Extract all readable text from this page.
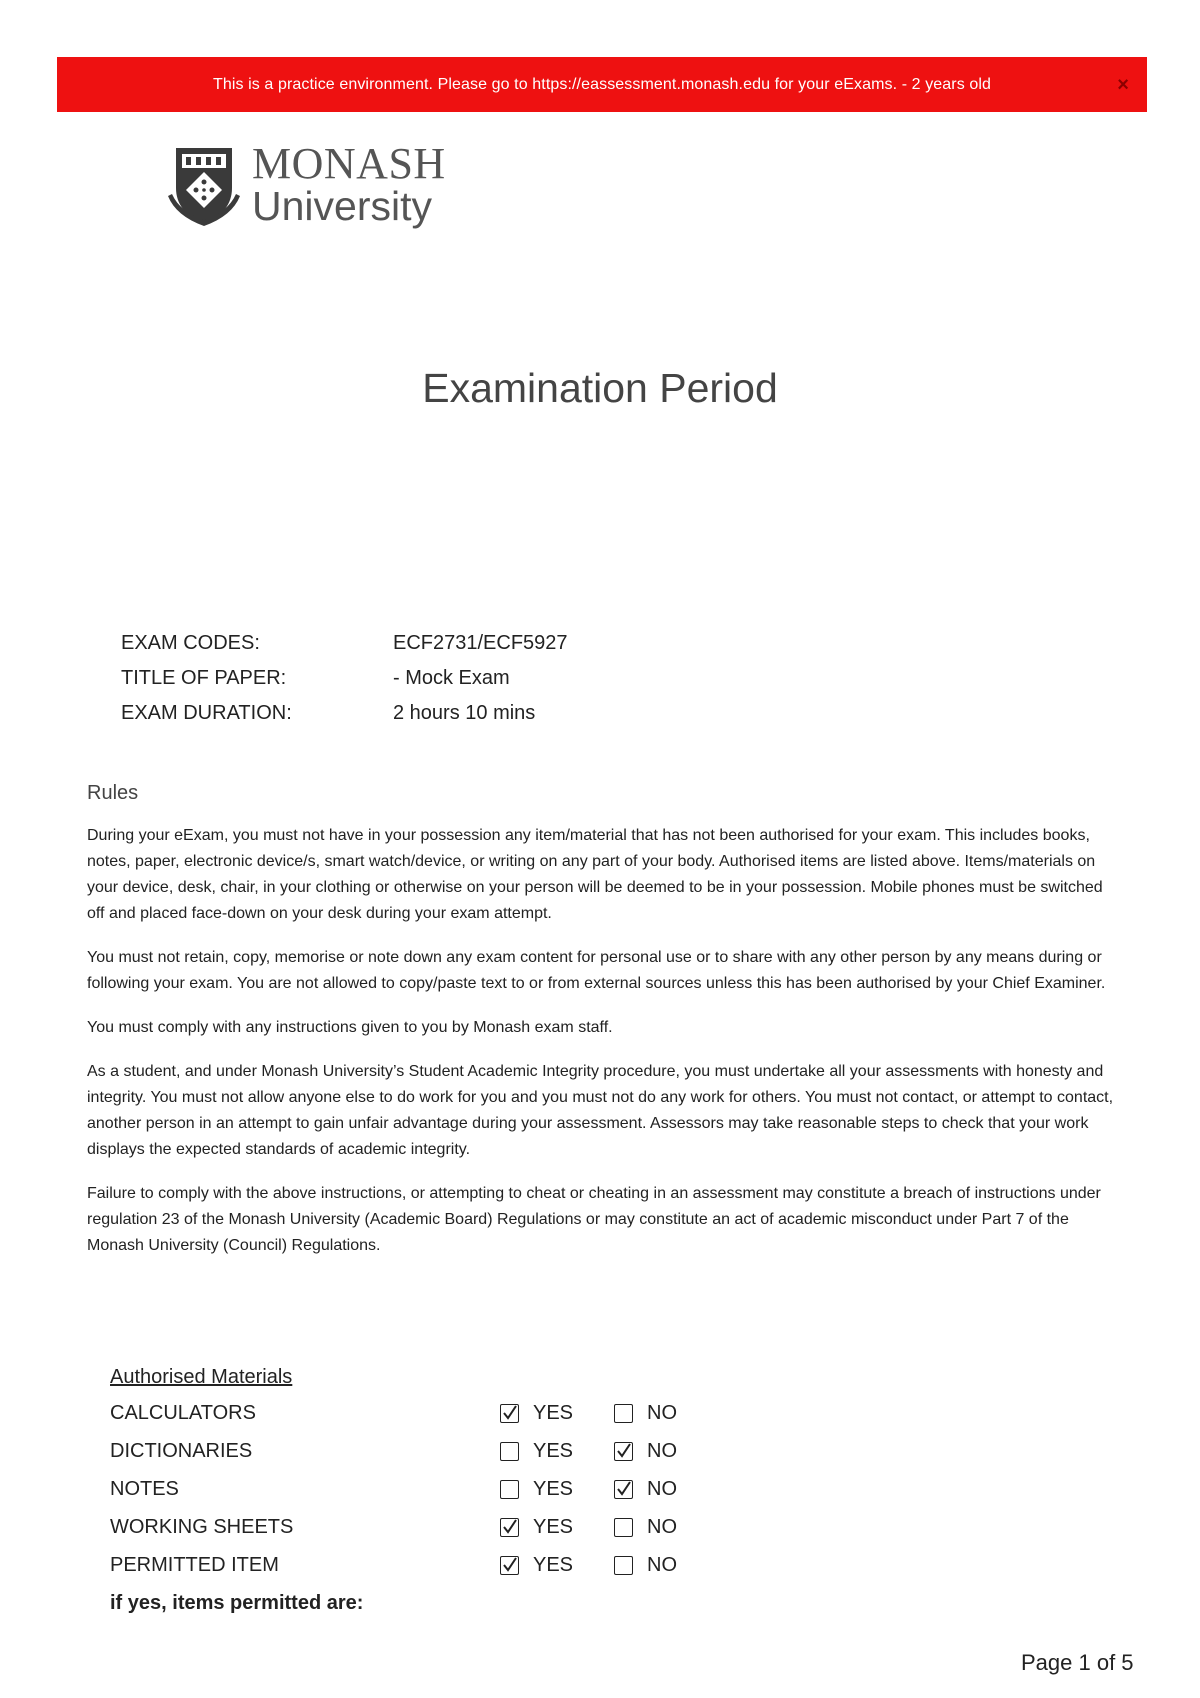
This is a practice environment. Please go to https://eassessment.monash.edu for your eExams. - 2 years old	×
MONASH
University
Examination Period
EXAM CODES:	ECF2731/ECF5927
TITLE OF PAPER:	- Mock Exam
EXAM DURATION:	2 hours 10 mins
Rules

During your eExam, you must not have in your possession any item/material that has not been authorised for your exam. This includes books, notes, paper, electronic device/s, smart watch/device, or writing on any part of your body. Authorised items are listed above. Items/materials on your device, desk, chair, in your clothing or otherwise on your person will be deemed to be in your possession. Mobile phones must be switched off and placed face-down on your desk during your exam attempt.

You must not retain, copy, memorise or note down any exam content for personal use or to share with any other person by any means during or following your exam. You are not allowed to copy/paste text to or from external sources unless this has been authorised by your Chief Examiner.

You must comply with any instructions given to you by Monash exam staff.

As a student, and under Monash University’s Student Academic Integrity procedure, you must undertake all your assessments with honesty and integrity. You must not allow anyone else to do work for you and you must not do any work for others. You must not contact, or attempt to contact, another person in an attempt to gain unfair advantage during your assessment. Assessors may take reasonable steps to check that your work displays the expected standards of academic integrity.

Failure to comply with the above instructions, or attempting to cheat or cheating in an assessment may constitute a breach of instructions under regulation 23 of the Monash University (Academic Board) Regulations or may constitute an act of academic misconduct under Part 7 of the Monash University (Council) Regulations.

Authorised Materials
CALCULATORS	YES	NO
DICTIONARIES	YES	NO
NOTES	YES	NO
WORKING SHEETS	YES	NO
PERMITTED ITEM	YES	NO
if yes, items permitted are:
Page 1 of 5
